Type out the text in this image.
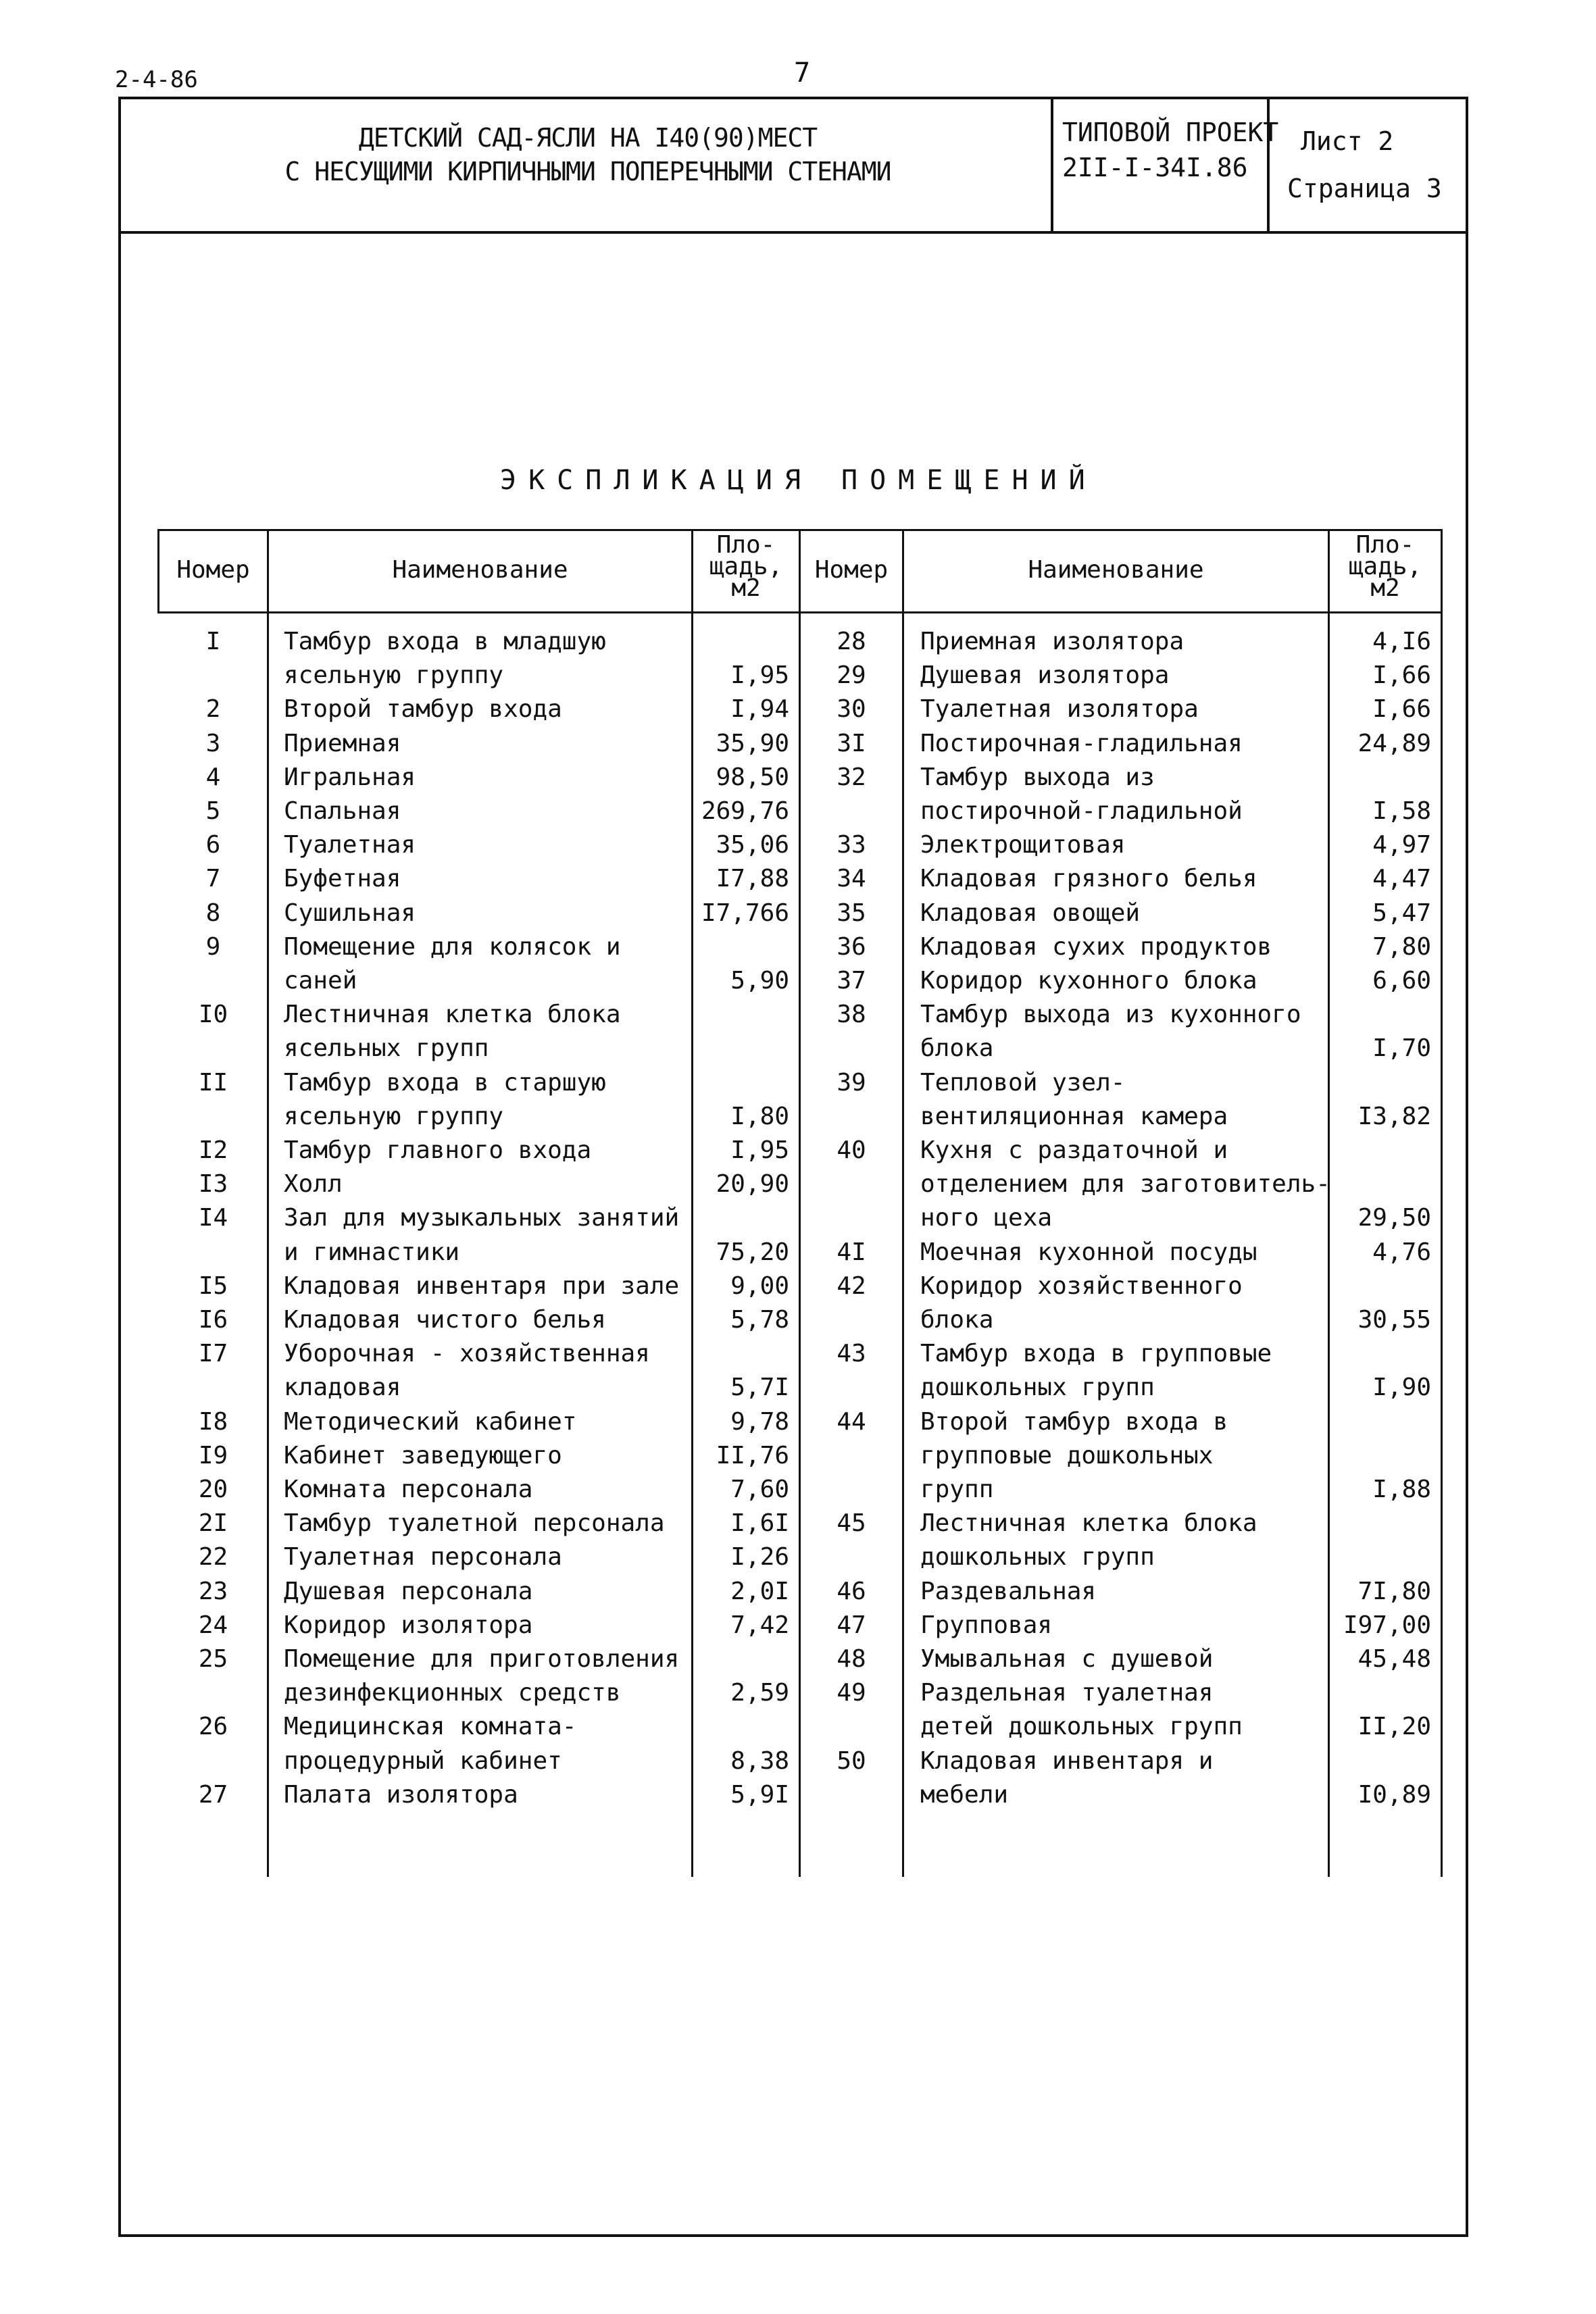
2-4-86	7
ДЕТСКИЙ САД-ЯСЛИ НА I40(90)МЕСТ
С НЕСУЩИМИ КИРПИЧНЫМИ ПОПЕРЕЧНЫМИ СТЕНАМИ
ТИПОВОЙ ПРОЕКТ
2II-I-34I.86
Лист 2
Страница 3
ЭКСПЛИКАЦИЯ ПОМЕЩЕНИЙ
Номер	Наименование
Пло-
щадь,
м2
Номер	Наименование
Пло-
щадь,
м2
I	Тамбур входа в младшую
ясельную группу	I,95
2	Второй тамбур входа	I,94
3	Приемная	35,90
4	Игральная	98,50
5	Спальная	269,76
6	Туалетная	35,06
7	Буфетная	I7,88
8	Сушильная	I7,766
9	Помещение для колясок и
саней	5,90
I0	Лестничная клетка блока
ясельных групп
II	Тамбур входа в старшую
ясельную группу	I,80
I2	Тамбур главного входа	I,95
I3	Холл	20,90
I4	Зал для музыкальных занятий
и гимнастики	75,20
I5	Кладовая инвентаря при зале	9,00
I6	Кладовая чистого белья	5,78
I7	Уборочная - хозяйственная
кладовая	5,7I
I8	Методический кабинет	9,78
I9	Кабинет заведующего	II,76
20	Комната персонала	7,60
2I	Тамбур туалетной персонала	I,6I
22	Туалетная персонала	I,26
23	Душевая персонала	2,0I
24	Коридор изолятора	7,42
25	Помещение для приготовления
дезинфекционных средств	2,59
26	Медицинская комната-
процедурный кабинет	8,38
27	Палата изолятора	5,9I
28	Приемная изолятора	4,I6
29	Душевая изолятора	I,66
30	Туалетная изолятора	I,66
3I	Постирочная-гладильная	24,89
32	Тамбур выхода из
постирочной-гладильной	I,58
33	Электрощитовая	4,97
34	Кладовая грязного белья	4,47
35	Кладовая овощей	5,47
36	Кладовая сухих продуктов	7,80
37	Коридор кухонного блока	6,60
38	Тамбур выхода из кухонного
блока	I,70
39	Тепловой узел-
вентиляционная камера	I3,82
40	Кухня с раздаточной и
отделением для заготовитель-
ного цеха	29,50
4I	Моечная кухонной посуды	4,76
42	Коридор хозяйственного
блока	30,55
43	Тамбур входа в групповые
дошкольных групп	I,90
44	Второй тамбур входа в
групповые дошкольных
групп	I,88
45	Лестничная клетка блока
дошкольных групп
46	Раздевальная	7I,80
47	Групповая	I97,00
48	Умывальная с душевой	45,48
49	Раздельная туалетная
детей дошкольных групп	II,20
50	Кладовая инвентаря и
мебели	I0,89
